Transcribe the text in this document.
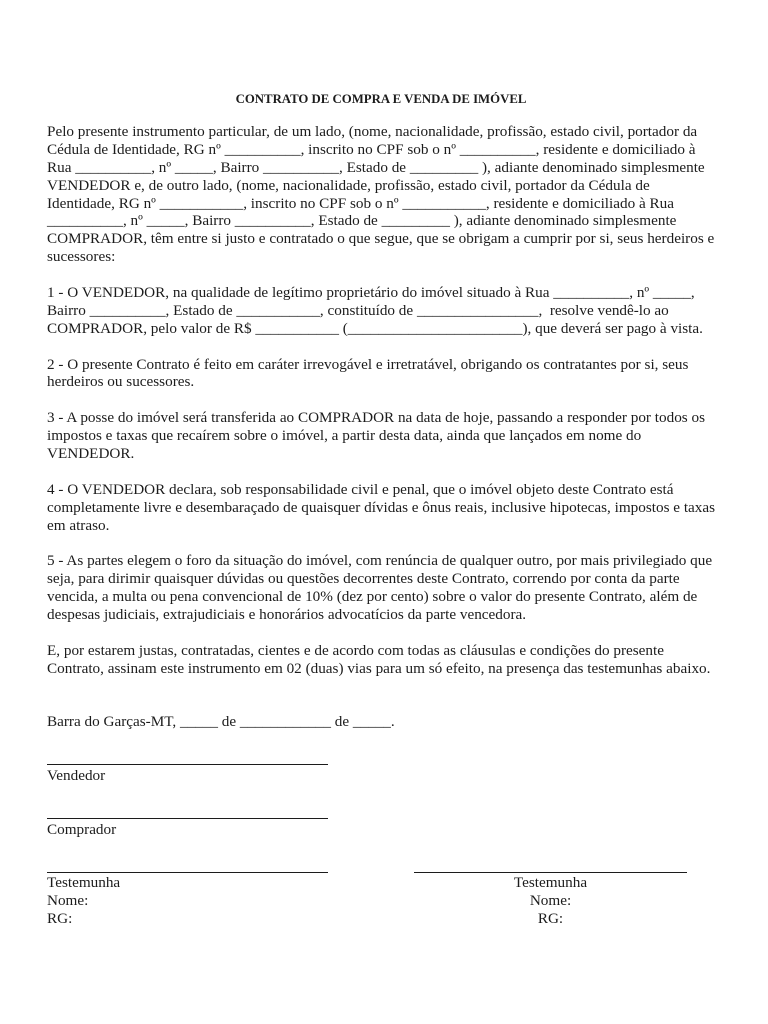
CONTRATO DE COMPRA E VENDA DE IMÓVEL
Pelo presente instrumento particular, de um lado, (nome, nacionalidade, profissão, estado civil, portador da
Cédula de Identidade, RG nº __________, inscrito no CPF sob o nº __________, residente e domiciliado à
Rua __________, nº _____, Bairro __________, Estado de _________ ), adiante denominado simplesmente
VENDEDOR e, de outro lado, (nome, nacionalidade, profissão, estado civil, portador da Cédula de
Identidade, RG nº ___________, inscrito no CPF sob o nº ___________, residente e domiciliado à Rua
__________, nº _____, Bairro __________, Estado de _________ ), adiante denominado simplesmente
COMPRADOR, têm entre si justo e contratado o que segue, que se obrigam a cumprir por si, seus herdeiros e
sucessores:
1 - O VENDEDOR, na qualidade de legítimo proprietário do imóvel situado à Rua __________, nº _____,
Bairro __________, Estado de ___________, constituído de ________________,  resolve vendê-lo ao
COMPRADOR, pelo valor de R$ ___________ (_______________________), que deverá ser pago à vista.
2 - O presente Contrato é feito em caráter irrevogável e irretratável, obrigando os contratantes por si, seus
herdeiros ou sucessores.
3 - A posse do imóvel será transferida ao COMPRADOR na data de hoje, passando a responder por todos os
impostos e taxas que recaírem sobre o imóvel, a partir desta data, ainda que lançados em nome do
VENDEDOR.
4 - O VENDEDOR declara, sob responsabilidade civil e penal, que o imóvel objeto deste Contrato está
completamente livre e desembaraçado de quaisquer dívidas e ônus reais, inclusive hipotecas, impostos e taxas
em atraso.
5 - As partes elegem o foro da situação do imóvel, com renúncia de qualquer outro, por mais privilegiado que
seja, para dirimir quaisquer dúvidas ou questões decorrentes deste Contrato, correndo por conta da parte
vencida, a multa ou pena convencional de 10% (dez por cento) sobre o valor do presente Contrato, além de
despesas judiciais, extrajudiciais e honorários advocatícios da parte vencedora.
E, por estarem justas, contratadas, cientes e de acordo com todas as cláusulas e condições do presente
Contrato, assinam este instrumento em 02 (duas) vias para um só efeito, na presença das testemunhas abaixo.
Barra do Garças-MT, _____ de ____________ de _____.
Vendedor
Comprador
Testemunha
Nome:
RG:
Testemunha
Nome:
RG:
